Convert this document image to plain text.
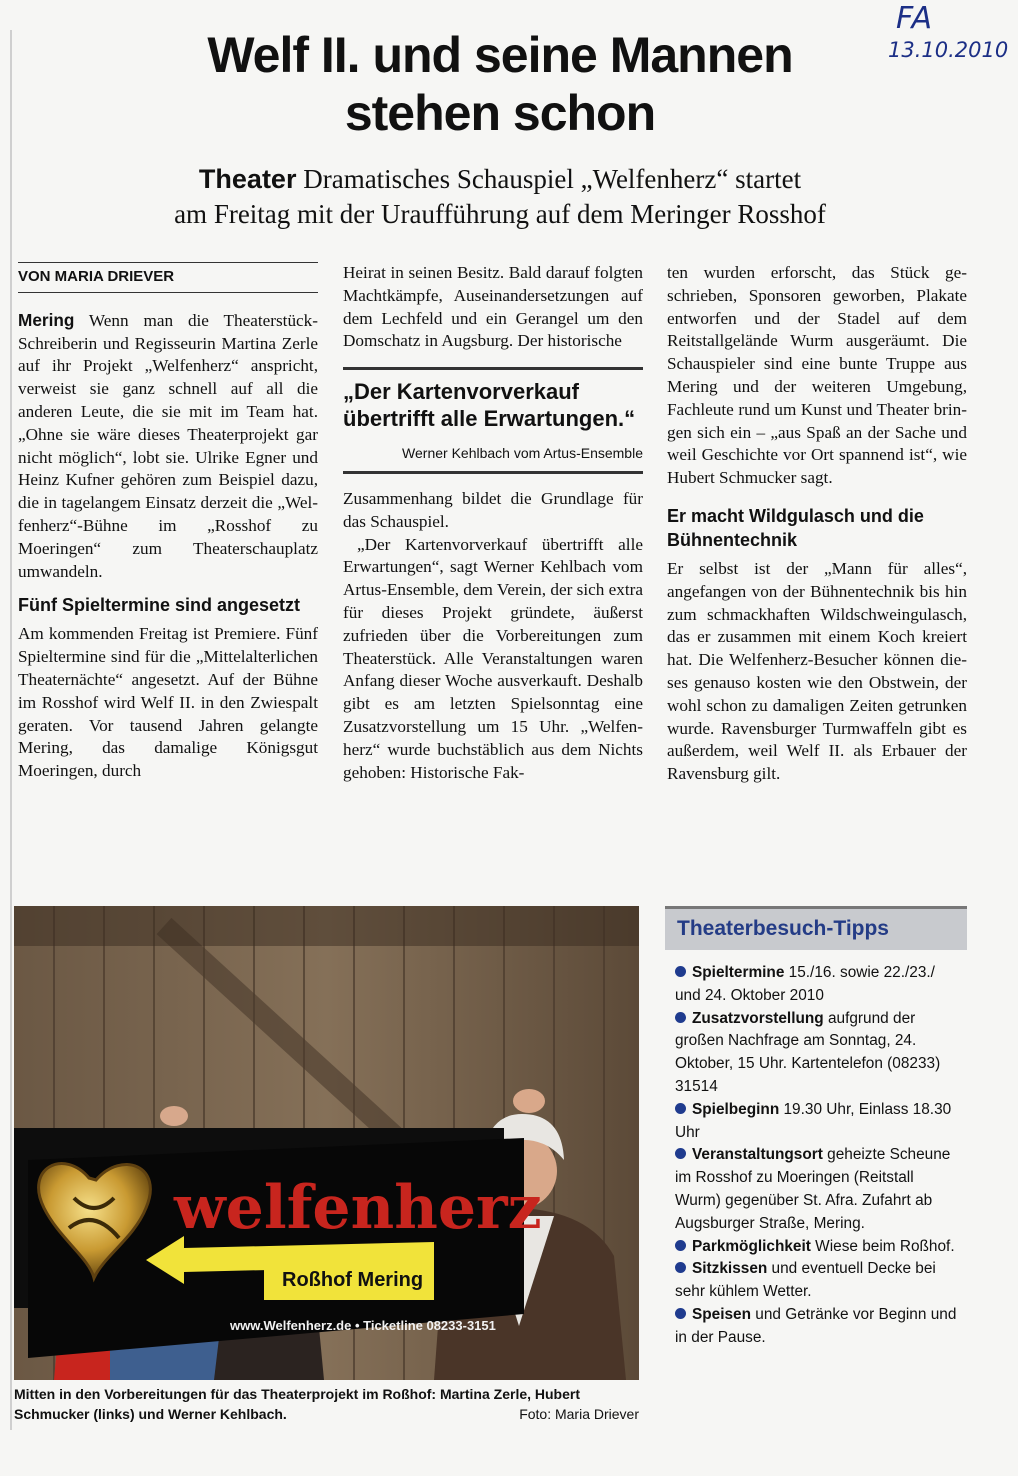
FA
13.10.2010
Welf II. und seine Mannen
stehen schon
Theater Dramatisches Schauspiel „Welfenherz“ startet
am Freitag mit der Uraufführung auf dem Meringer Rosshof
VON MARIA DRIEVER

Mering Wenn man die Theaterstück-Schreiberin und Regisseurin Martina Zerle auf ihr Projekt „Welfenherz“ anspricht, verweist sie ganz schnell auf all die anderen Leute, die sie mit im Team hat. „Ohne sie wäre dieses Theaterprojekt gar nicht möglich“, lobt sie. Ulrike Egner und Heinz Kufner gehören zum Beispiel dazu, die in tagelangem Einsatz derzeit die „Welfenherz“-Bühne im „Rosshof zu Moeringen“ zum Theaterschauplatz umwandeln.

Fünf Spieltermine sind angesetzt

Am kommenden Freitag ist Premiere. Fünf Spieltermine sind für die „Mittelalterlichen Theaternächte“ angesetzt. Auf der Bühne im Rosshof wird Welf II. in den Zwiespalt geraten. Vor tausend Jahren gelangte Mering, das damalige Königsgut Moeringen, durch

Heirat in seinen Besitz. Bald darauf folgten Machtkämpfe, Auseinandersetzungen auf dem Lechfeld und ein Gerangel um den Domschatz in Augsburg. Der historische

„Der Kartenvorverkauf übertrifft alle Erwartungen.“
Werner Kehlbach vom Artus-Ensemble

Zusammenhang bildet die Grundlage für das Schauspiel.

„Der Kartenvorverkauf übertrifft alle Erwartungen“, sagt Werner Kehlbach vom Artus-Ensemble, dem Verein, der sich extra für dieses Projekt gründete, äußerst zufrieden über die Vorbereitungen zum Theaterstück. Alle Veranstaltungen waren Anfang dieser Woche ausverkauft. Deshalb gibt es am letzten Spielsonntag eine Zusatzvorstellung um 15 Uhr. „Welfenherz“ wurde buchstäblich aus dem Nichts gehoben: Historische Fak-

ten wurden erforscht, das Stück geschrieben, Sponsoren geworben, Plakate entworfen und der Stadel auf dem Reitstallgelände Wurm ausgeräumt. Die Schauspieler sind eine bunte Truppe aus Mering und der weiteren Umgebung, Fachleute rund um Kunst und Theater bringen sich ein – „aus Spaß an der Sache und weil Geschichte vor Ort spannend ist“, wie Hubert Schmucker sagt.

Er macht Wildgulasch und die Bühnentechnik

Er selbst ist der „Mann für alles“, angefangen von der Bühnentechnik bis hin zum schmackhaften Wildschweingulasch, das er zusammen mit einem Koch kreiert hat. Die Welfenherz-Besucher können dieses genauso kosten wie den Obstwein, der wohl schon zu damaligen Zeiten getrunken wurde. Ravensburger Turmwaffeln gibt es außerdem, weil Welf II. als Erbauer der Ravensburg gilt.

welfenherz
Roßhof Mering
www.Welfenherz.de • Ticketline 08233-3151
Mitten in den Vorbereitungen für das Theaterprojekt im Roßhof: Martina Zerle, Hubert Schmucker (links) und Werner Kehlbach.	Foto: Maria Driever
Theaterbesuch-Tipps

Spieltermine 15./16. sowie 22./23./ und 24. Oktober 2010

Zusatzvorstellung aufgrund der großen Nachfrage am Sonntag, 24. Oktober, 15 Uhr. Kartentelefon (08233) 31514

Spielbeginn 19.30 Uhr, Einlass 18.30 Uhr

Veranstaltungsort geheizte Scheune im Rosshof zu Moeringen (Reitstall Wurm) gegenüber St. Afra. Zufahrt ab Augsburger Straße, Mering.

Parkmöglichkeit Wiese beim Roßhof.

Sitzkissen und eventuell Decke bei sehr kühlem Wetter.

Speisen und Getränke vor Beginn und in der Pause.
